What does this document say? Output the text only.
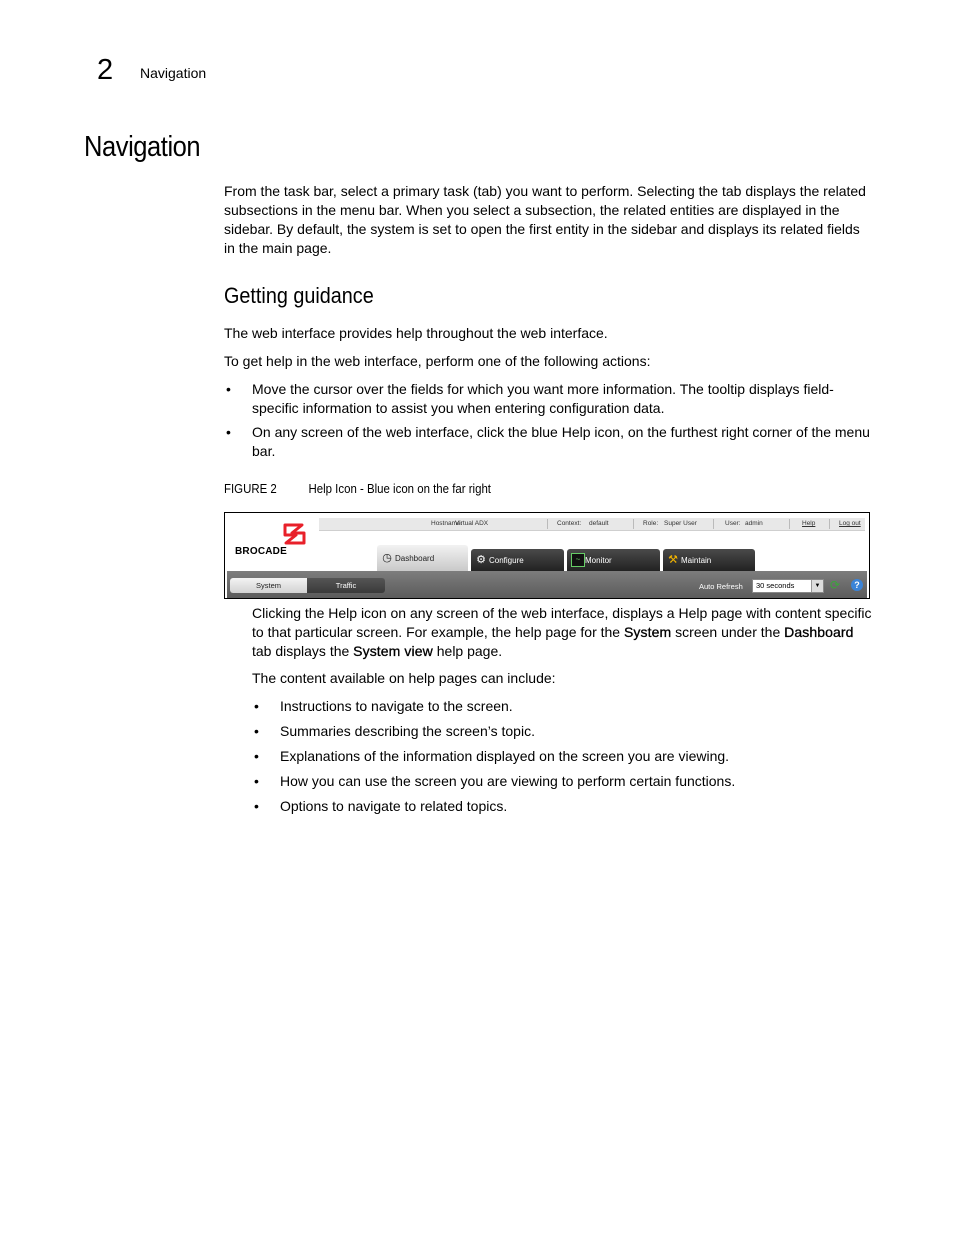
2 Navigation
Navigation

From the task bar, select a primary task (tab) you want to perform. Selecting the tab displays the related subsections in the menu bar. When you select a subsection, the related entities are displayed in the sidebar. By default, the system is set to open the first entity in the sidebar and displays its related fields in the main page.

Getting guidance

The web interface provides help throughout the web interface.

To get help in the web interface, perform one of the following actions:

• Move the cursor over the fields for which you want more information. The tooltip displays field-specific information to assist you when entering configuration data.
• On any screen of the web interface, click the blue Help icon, on the furthest right corner of the menu bar.
FIGURE 2 Help Icon - Blue icon on the far right
BROCADE
Hostname:
Virtual ADX	Context: default	Role: Super User	User: admin	Help	Log out
◷ Dashboard	⚙ Configure	~ Monitor	⚒ Maintain
System	Traffic	Auto Refresh	30 seconds	▼ ⟳	?

Clicking the Help icon on any screen of the web interface, displays a Help page with content specific to that particular screen. For example, the help page for the System screen under the Dashboard tab displays the System view help page.

The content available on help pages can include:

• Instructions to navigate to the screen.
• Summaries describing the screen’s topic.
• Explanations of the information displayed on the screen you are viewing.
• How you can use the screen you are viewing to perform certain functions.
• Options to navigate to related topics.
